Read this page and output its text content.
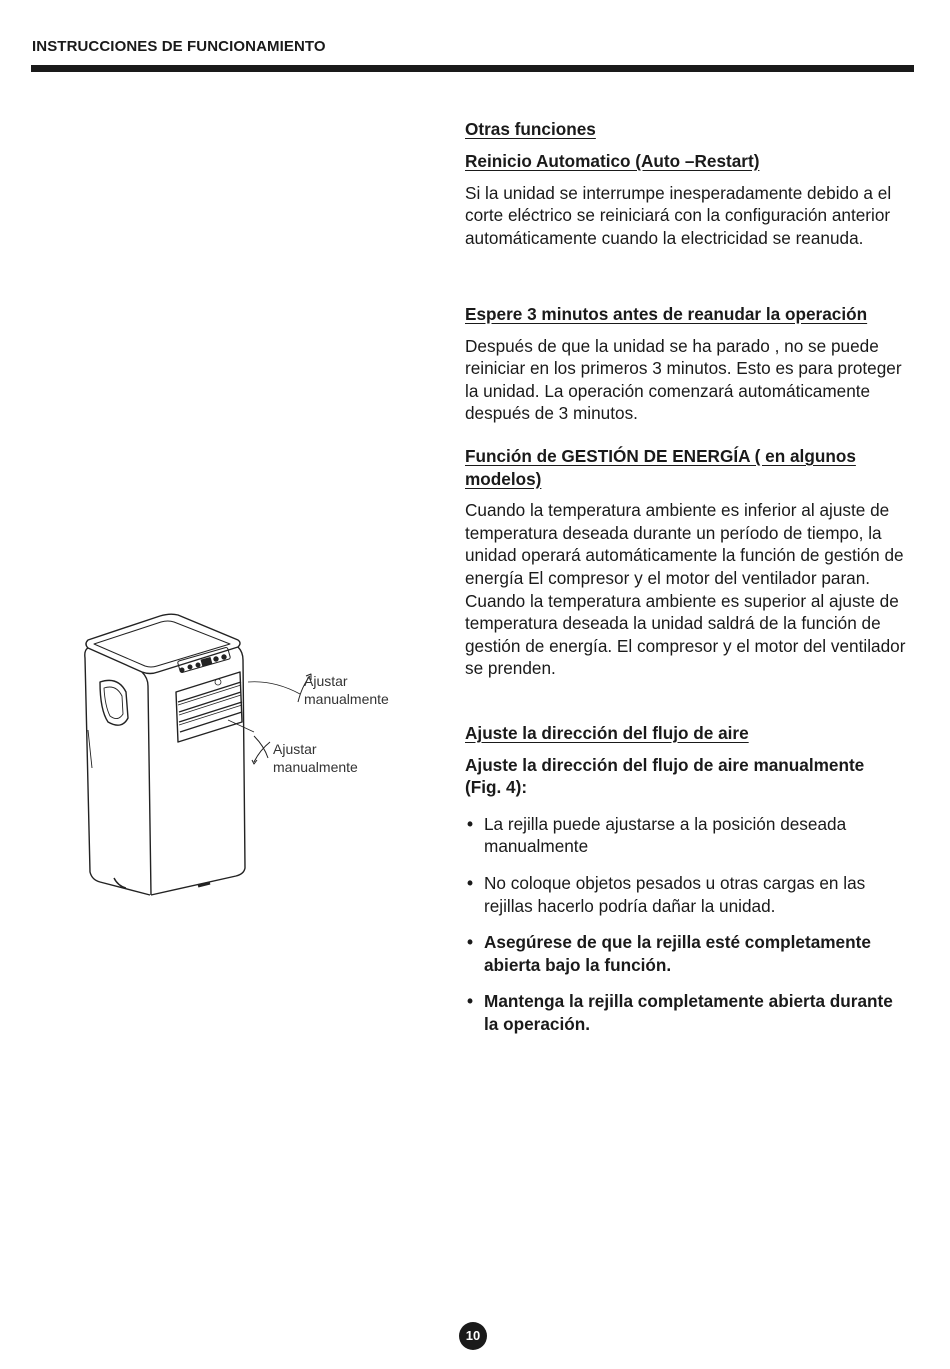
INSTRUCCIONES DE FUNCIONAMIENTO
Ajustar
manualmente
Ajustar
manualmente

Otras funciones

Reinicio Automatico (Auto –Restart)

Si la unidad se interrumpe inesperadamente debido a el corte eléctrico se reiniciará con la configuración anterior automáticamente cuando la electricidad se reanuda.

Espere 3 minutos antes de reanudar la operación

Después de que la unidad se ha parado , no se puede reiniciar en los primeros 3 minutos. Esto es para proteger la unidad. La operación comenzará automáticamente después de 3 minutos.

Función de GESTIÓN DE ENERGÍA ( en algunos modelos)

Cuando la temperatura ambiente es inferior al ajuste de temperatura deseada durante un período de tiempo, la unidad operará automáticamente la función de gestión de energía El compresor y el motor del ventilador paran.

Cuando la temperatura ambiente es superior al ajuste de temperatura deseada la unidad saldrá de la función de gestión de energía. El compresor y el motor del ventilador se prenden.

Ajuste la dirección del flujo de aire

Ajuste la dirección del flujo de aire manualmente (Fig. 4):

• La rejilla puede ajustarse a la posición deseada manualmente
• No coloque objetos pesados u otras cargas en las rejillas hacerlo podría dañar la unidad.
• Asegúrese de que la rejilla esté completamente abierta bajo la función.
• Mantenga la rejilla completamente abierta durante la operación.
10
